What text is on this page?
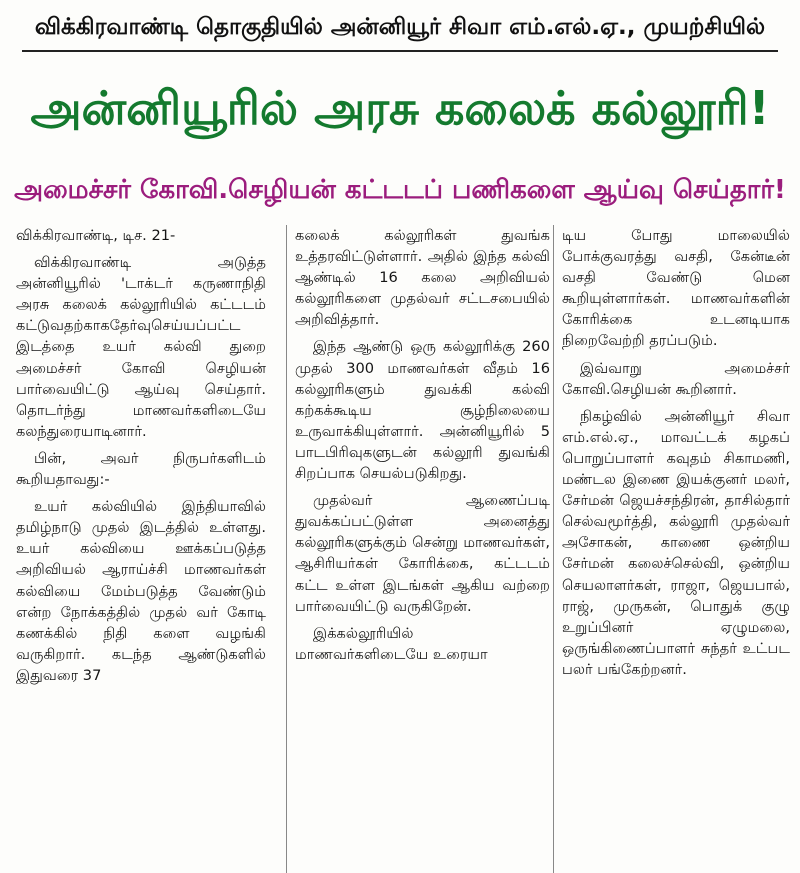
விக்கிரவாண்டி தொகுதியில் அன்னியூர் சிவா எம்.எல்.ஏ., முயற்சியில்
அன்னியூரில் அரசு கலைக் கல்லூரி!
அமைச்சர் கோவி.செழியன் கட்டடப் பணிகளை ஆய்வு செய்தார்!

விக்கிரவாண்டி, டிச. 21-

விக்கிரவாண்டி அடுத்த அன்னியூரில் 'டாக்டர் கருணாநிதி அரசு கலைக் கல்லூரியில் கட்டடம் கட்டுவதற்காகதேர்வுசெய்யப்பட்ட இடத்தை உயர் கல்வி துறை அமைச்சர் கோவி செழியன் பார்வையிட்டு ஆய்வு செய்தார். தொடர்ந்து மாணவர்களிடையே கலந்துரையாடினார்.

பின், அவர் நிருபர்களிடம் கூறியதாவது:-

உயர் கல்வியில் இந்தியாவில் தமிழ்நாடு முதல் இடத்தில் உள்ளது. உயர் கல்வியை ஊக்கப்படுத்த அறிவியல் ஆராய்ச்சி மாணவர்கள் கல்வியை மேம்படுத்த வேண்டும் என்ற நோக்கத்தில் முதல் வர் கோடி கணக்கில் நிதி களை வழங்கி வருகிறார். கடந்த ஆண்டுகளில் இதுவரை 37

கலைக் கல்லூரிகள் துவங்க உத்தரவிட்டுள்ளார். அதில் இந்த கல்வி ஆண்டில் 16 கலை அறிவியல் கல்லூரிகளை முதல்வர் சட்டசபையில் அறிவித்தார்.

இந்த ஆண்டு ஒரு கல்லூரிக்கு 260 முதல் 300 மாணவர்கள் வீதம் 16 கல்லூரிகளும் துவக்கி கல்வி கற்கக்கூடிய சூழ்நிலையை உருவாக்கியுள்ளார். அன்னியூரில் 5 பாடபிரிவுகளுடன் கல்லூரி துவங்கி சிறப்பாக செயல்படுகிறது.

முதல்வர் ஆணைப்படி துவக்கப்பட்டுள்ள அனைத்து கல்லூரிகளுக்கும் சென்று மாணவர்கள், ஆசிரியர்கள் கோரிக்கை, கட்டடம் கட்ட உள்ள இடங்கள் ஆகிய வற்றை பார்வையிட்டு வருகிறேன்.

இக்கல்லூரியில் மாணவர்களிடையே உரையா

டிய போது மாலையில் போக்குவரத்து வசதி, கேன்டீன் வசதி வேண்டு மென கூறியுள்ளார்கள். மாணவர்களின் கோரிக்கை உடனடியாக நிறைவேற்றி தரப்படும்.

இவ்வாறு அமைச்சர் கோவி.செழியன் கூறினார்.

நிகழ்வில் அன்னியூர் சிவா எம்.எல்.ஏ., மாவட்டக் கழகப் பொறுப்பாளர் கவுதம் சிகாமணி, மண்டல இணை இயக்குனர் மலர், சேர்மன் ஜெயச்சந்திரன், தாசில்தார் செல்வமூர்த்தி, கல்லூரி முதல்வர் அசோகன், காணை ஒன்றிய சேர்மன் கலைச்செல்வி, ஒன்றிய செயலாளர்கள், ராஜா, ஜெயபால், ராஜ், முருகன், பொதுக் குழு உறுப்பினர் ஏழுமலை, ஒருங்கிணைப்பாளர் சுந்தர் உட்பட பலர் பங்கேற்றனர்.
